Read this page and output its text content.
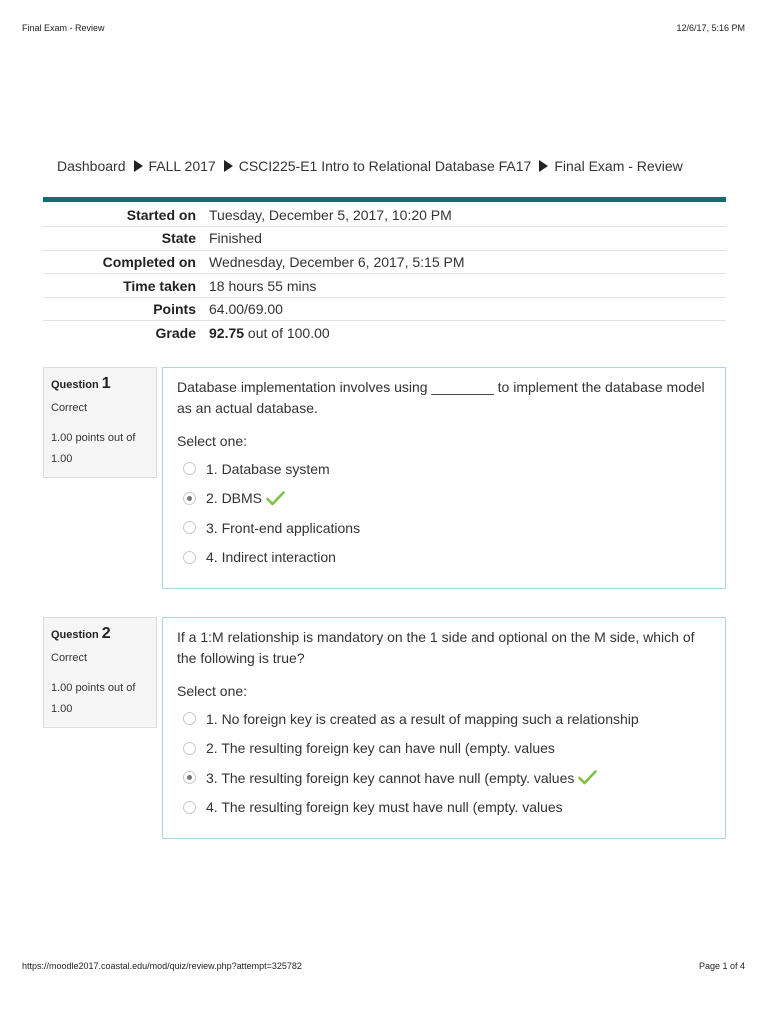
Final Exam - Review	12/6/17, 5:16 PM
Dashboard FALL 2017 CSCI225-E1 Intro to Relational Database FA17 Final Exam - Review
Started on	Tuesday, December 5, 2017, 10:20 PM
State	Finished
Completed on	Wednesday, December 6, 2017, 5:15 PM
Time taken	18 hours 55 mins
Points	64.00/69.00
Grade	92.75 out of 100.00
Question 1
Correct
1.00 points out of 1.00
Database implementation involves using ________ to implement the database model as an actual database.
Select one:
1. Database system
2. DBMS
3. Front-end applications
4. Indirect interaction
Question 2
Correct
1.00 points out of 1.00
If a 1:M relationship is mandatory on the 1 side and optional on the M side, which of the following is true?
Select one:
1. No foreign key is created as a result of mapping such a relationship
2. The resulting foreign key can have null (empty. values
3. The resulting foreign key cannot have null (empty. values
4. The resulting foreign key must have null (empty. values
https://moodle2017.coastal.edu/mod/quiz/review.php?attempt=325782	Page 1 of 4
